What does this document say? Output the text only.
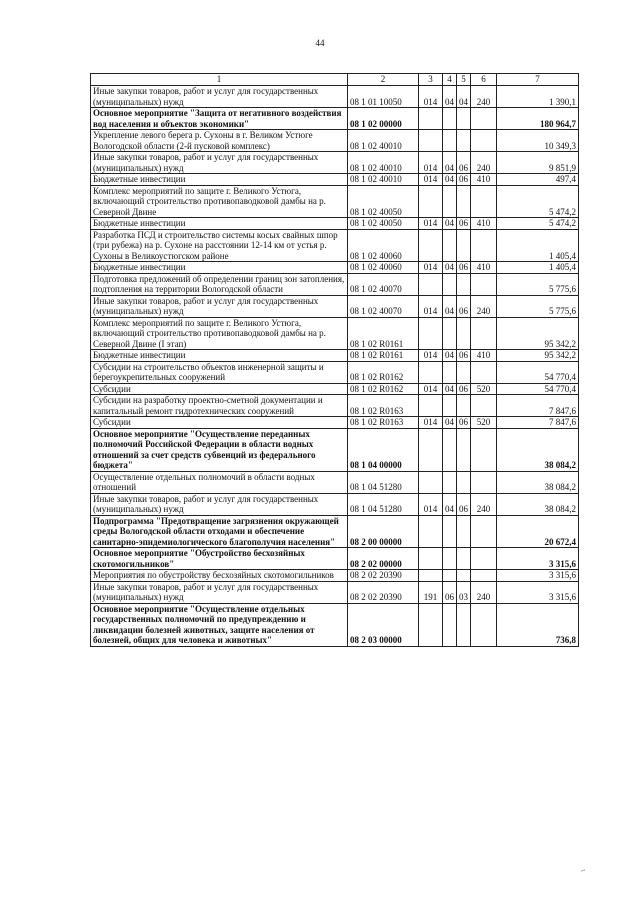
44
1	2	3	4	5	6	7
Иные закупки товаров, работ и услуг для государственных (муниципальных) нужд	08 1 01 10050	014	04	04	240	1 390,1
Основное мероприятие "Защита от негативного воздействия вод населения и объектов экономики"	08 1 02 00000					180 964,7
Укрепление левого берега р. Сухоны в г. Великом Устюге Вологодской области (2-й пусковой комплекс)	08 1 02 40010					10 349,3
Иные закупки товаров, работ и услуг для государственных (муниципальных) нужд	08 1 02 40010	014	04	06	240	9 851,9
Бюджетные инвестиции	08 1 02 40010	014	04	06	410	497,4
Комплекс мероприятий по защите г. Великого Устюга, включающий строительство противопаводковой дамбы на р. Северной Двине	08 1 02 40050					5 474,2
Бюджетные инвестиции	08 1 02 40050	014	04	06	410	5 474,2
Разработка ПСД и строительство системы косых свайных шпор (три рубежа) на р. Сухоне на расстоянии 12-14 км от устья р. Сухоны в Великоустюгском районе	08 1 02 40060					1 405,4
Бюджетные инвестиции	08 1 02 40060	014	04	06	410	1 405,4
Подготовка предложений об определении границ зон затопления, подтопления на территории Вологодской области	08 1 02 40070					5 775,6
Иные закупки товаров, работ и услуг для государственных (муниципальных) нужд	08 1 02 40070	014	04	06	240	5 775,6
Комплекс мероприятий по защите г. Великого Устюга, включающий строительство противопаводковой дамбы на р. Северной Двине (I этап)	08 1 02 R0161					95 342,2
Бюджетные инвестиции	08 1 02 R0161	014	04	06	410	95 342,2
Субсидии на строительство объектов инженерной защиты и берегоукрепительных сооружений	08 1 02 R0162					54 770,4
Субсидии	08 1 02 R0162	014	04	06	520	54 770,4
Субсидии на разработку проектно-сметной документации и капитальный ремонт гидротехнических сооружений	08 1 02 R0163					7 847,6
Субсидии	08 1 02 R0163	014	04	06	520	7 847,6
Основное мероприятие "Осуществление переданных полномочий Российской Федерации в области водных отношений за счет средств субвенций из федерального бюджета"	08 1 04 00000					38 084,2
Осуществление отдельных полномочий в области водных отношений	08 1 04 51280					38 084,2
Иные закупки товаров, работ и услуг для государственных (муниципальных) нужд	08 1 04 51280	014	04	06	240	38 084,2
Подпрограмма "Предотвращение загрязнения окружающей среды Вологодской области отходами и обеспечение санитарно-эпидемиологического благополучия населения"	08 2 00 00000					20 672,4
Основное мероприятие "Обустройство бесхозяйных скотомогильников"	08 2 02 00000					3 315,6
Мероприятия по обустройству бесхозяйных скотомогильников	08 2 02 20390					3 315,6
Иные закупки товаров, работ и услуг для государственных (муниципальных) нужд	08 2 02 20390	191	06	03	240	3 315,6
Основное мероприятие "Осуществление отдельных государственных полномочий по предупреждению и ликвидации болезней животных, защите населения от болезней, общих для человека и животных"	08 2 03 00000					736,8
~
